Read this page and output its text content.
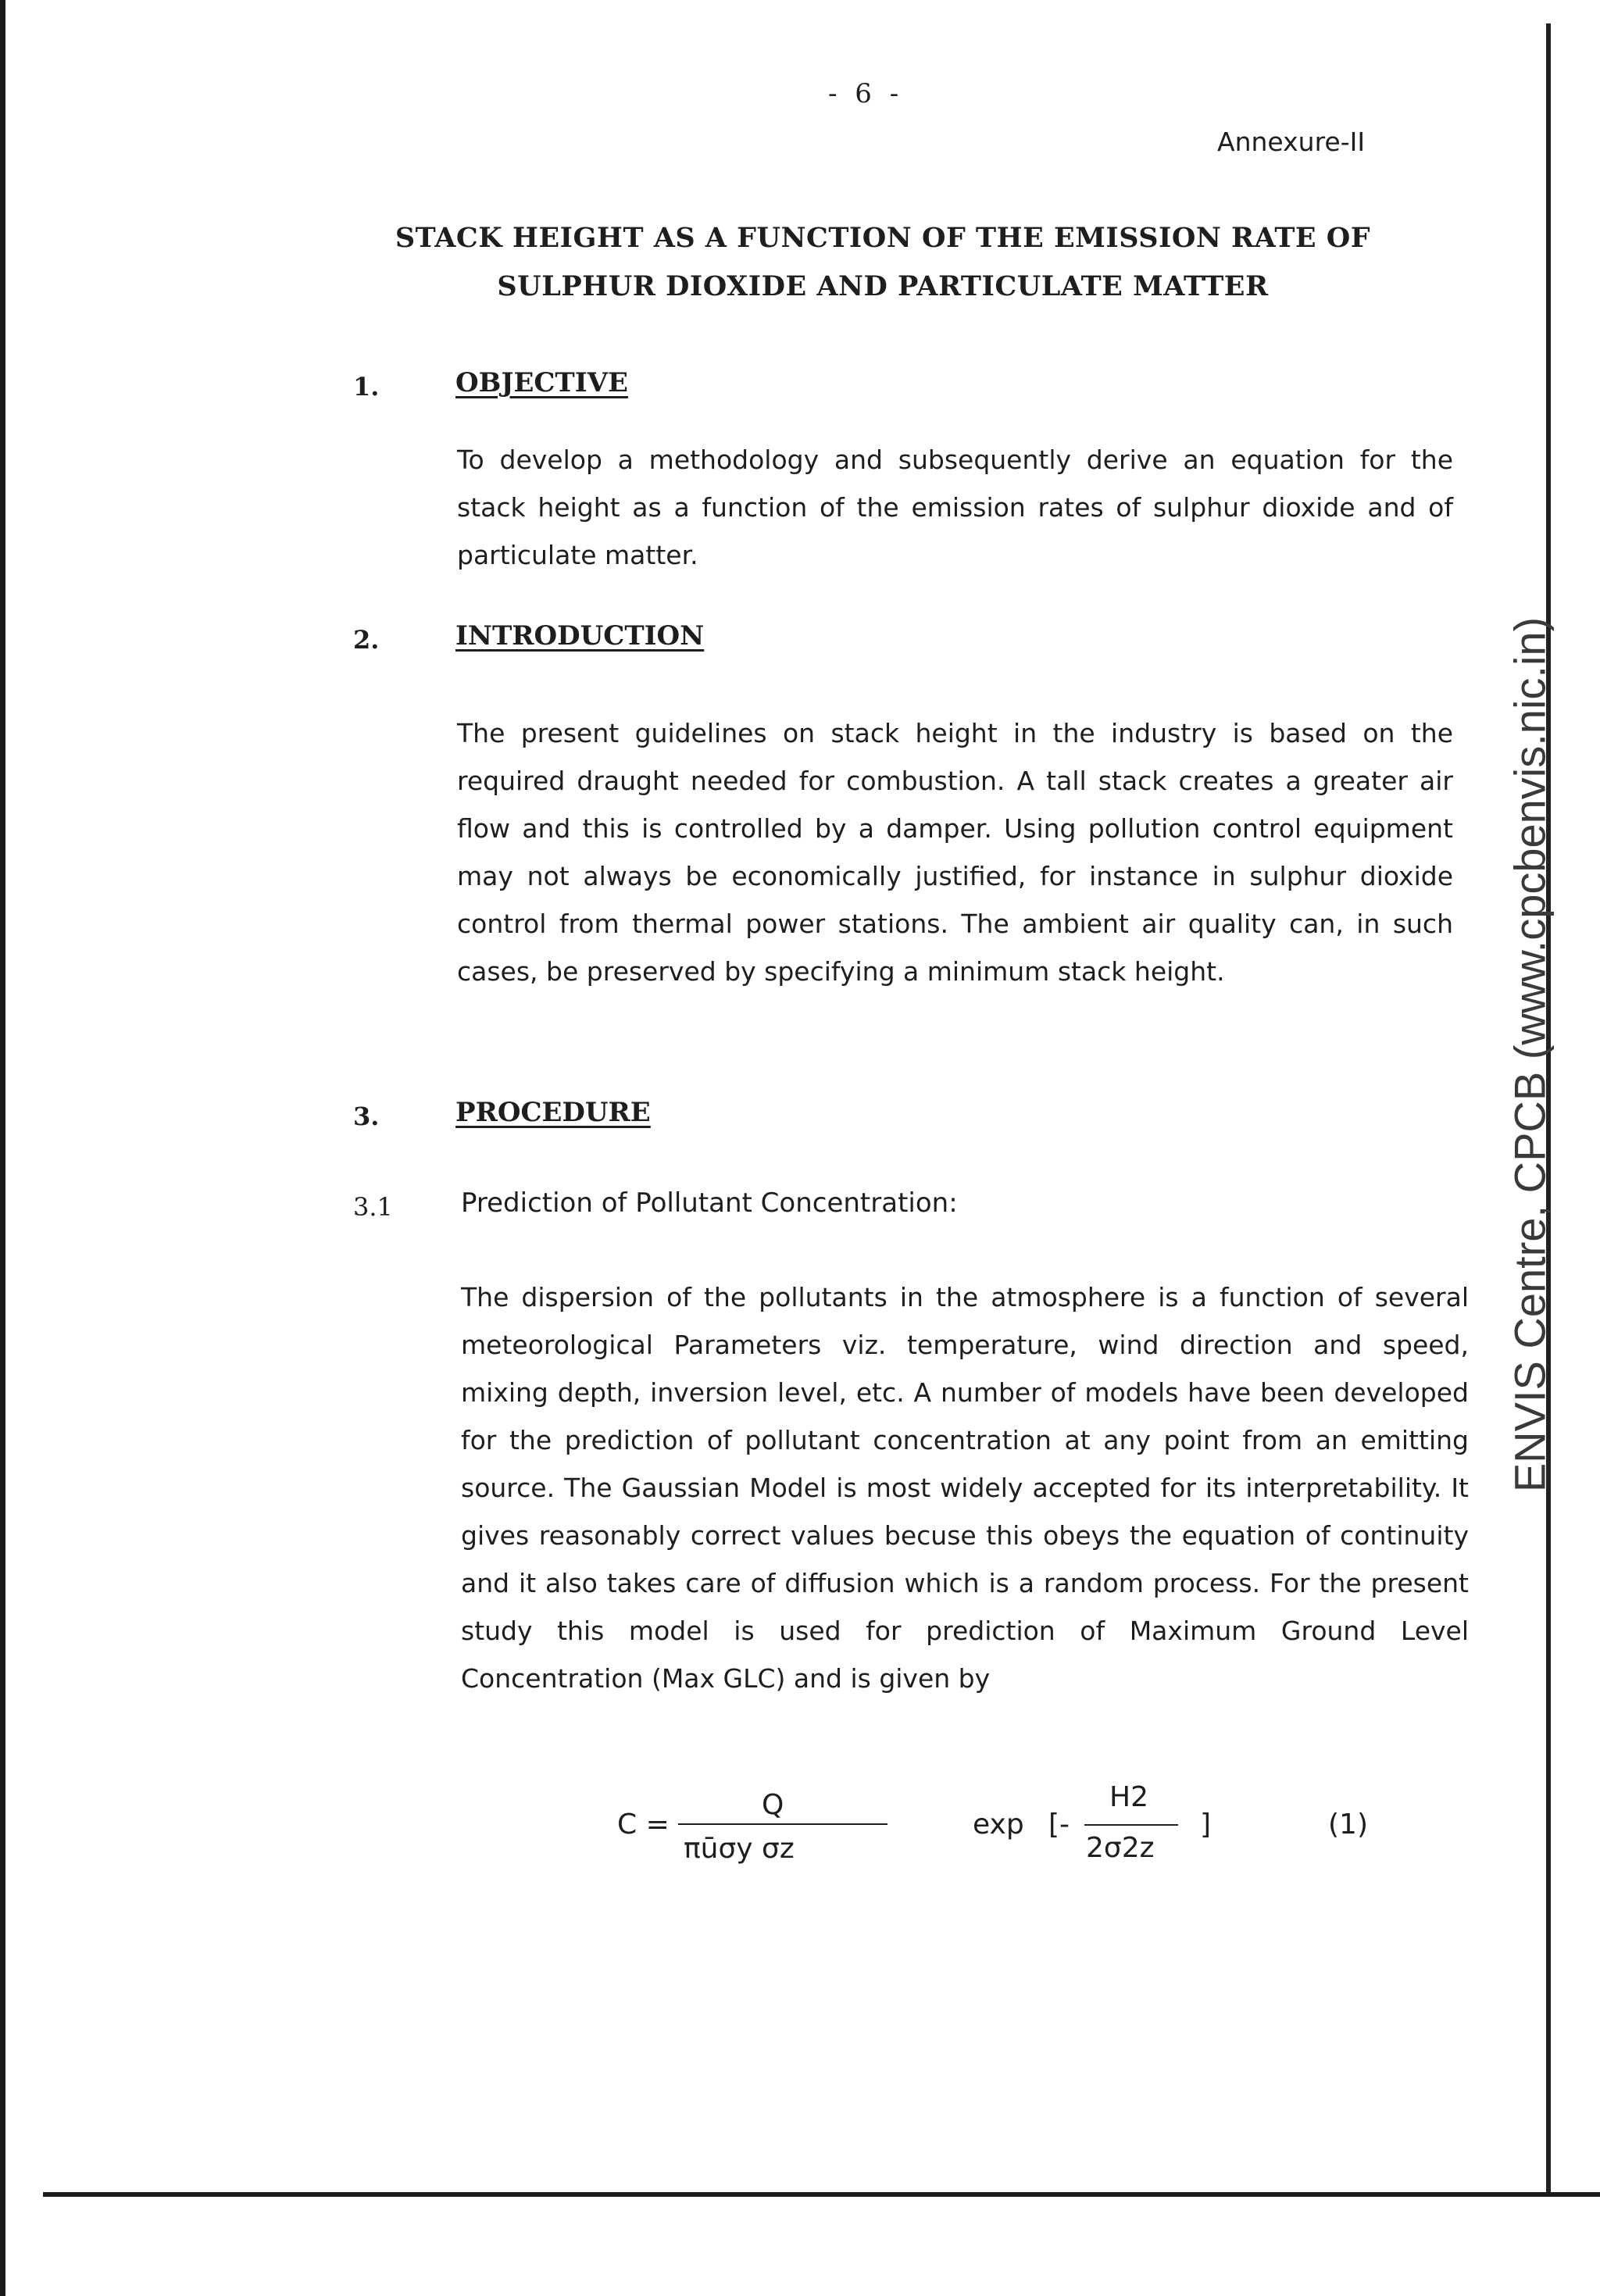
- 6 -
Annexure-II
STACK HEIGHT AS A FUNCTION OF THE EMISSION RATE OF
SULPHUR DIOXIDE AND PARTICULATE MATTER
1.	OBJECTIVE
To develop a methodology and subsequently derive an equation for the stack height as a function of the emission rates of sulphur dioxide and of particulate matter.
2.	INTRODUCTION
The present guidelines on stack height in the industry is based on the required draught needed for combustion. A tall stack creates a greater air flow and this is controlled by a damper. Using pollution control equipment may not always be economically justified, for instance in sulphur dioxide control from thermal power stations. The ambient air quality can, in such cases, be preserved by specifying a minimum stack height.
3.	PROCEDURE
3.1	Prediction of Pollutant Concentration:
The dispersion of the pollutants in the atmosphere is a function of several meteorological Parameters viz. temperature, wind direction and speed, mixing depth, inversion level, etc. A number of models have been developed for the prediction of pollutant concentration at any point from an emitting source. The Gaussian Model is most widely accepted for its interpretability. It gives reasonably correct values becuse this obeys the equation of continuity and it also takes care of diffusion which is a random process. For the present study this model is used for prediction of Maximum Ground Level Concentration (Max GLC) and is given by
C =
Q
πūσy σz
exp [-
H2
2σ2z
]	(1)
ENVIS Centre, CPCB (www.cpcbenvis.nic.in)
